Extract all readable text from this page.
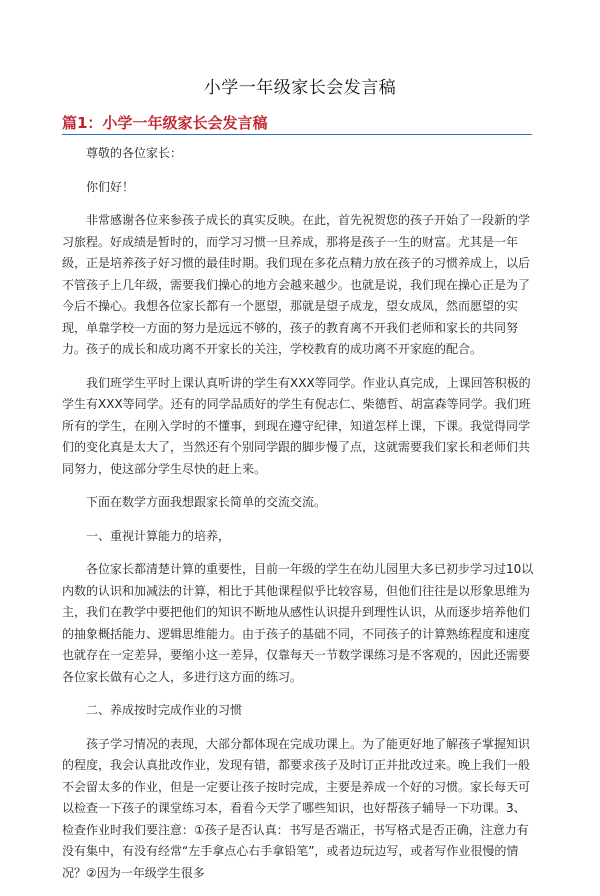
小学一年级家长会发言稿
篇1：小学一年级家长会发言稿

尊敬的各位家长：

你们好！

非常感谢各位来参孩子成长的真实反映。在此，首先祝贺您的孩子开始了一段新的学习旅程。好成绩是暂时的，而学习习惯一旦养成，那将是孩子一生的财富。尤其是一年级，正是培养孩子好习惯的最佳时期。我们现在多花点精力放在孩子的习惯养成上，以后不管孩子上几年级，需要我们操心的地方会越来越少。也就是说，我们现在操心正是为了今后不操心。我想各位家长都有一个愿望，那就是望子成龙，望女成凤，然而愿望的实现，单靠学校一方面的努力是远远不够的，孩子的教育离不开我们老师和家长的共同努力。孩子的成长和成功离不开家长的关注，学校教育的成功离不开家庭的配合。

我们班学生平时上课认真听讲的学生有XXX等同学。作业认真完成，上课回答积极的学生有XXX等同学。还有的同学品质好的学生有倪志仁、柴德哲、胡富森等同学。我们班所有的学生，在刚入学时的不懂事，到现在遵守纪律，知道怎样上课，下课。我觉得同学们的变化真是太大了，当然还有个别同学跟的脚步慢了点，这就需要我们家长和老师们共同努力，使这部分学生尽快的赶上来。

下面在数学方面我想跟家长简单的交流交流。

一、重视计算能力的培养，

各位家长都清楚计算的重要性，目前一年级的学生在幼儿园里大多已初步学习过10以内数的认识和加减法的计算，相比于其他课程似乎比较容易，但他们往往是以形象思维为主，我们在教学中要把他们的知识不断地从感性认识提升到理性认识，从而逐步培养他们的抽象概括能力、逻辑思维能力。由于孩子的基础不同，不同孩子的计算熟练程度和速度也就存在一定差异，要缩小这一差异，仅靠每天一节数学课练习是不客观的，因此还需要各位家长做有心之人，多进行这方面的练习。

二、养成按时完成作业的习惯

孩子学习情况的表现，大部分都体现在完成功课上。为了能更好地了解孩子掌握知识的程度，我会认真批改作业，发现有错，都要求孩子及时订正并批改过来。晚上我们一般不会留太多的作业，但是一定要让孩子按时完成，主要是养成一个好的习惯。家长每天可以检查一下孩子的课堂练习本，看看今天学了哪些知识，也好帮孩子辅导一下功课。3、检查作业时我们要注意：①孩子是否认真：书写是否端正，书写格式是否正确，注意力有没有集中，有没有经常“左手拿点心右手拿铅笔”，或者边玩边写，或者写作业很慢的情况？②因为一年级学生很多
